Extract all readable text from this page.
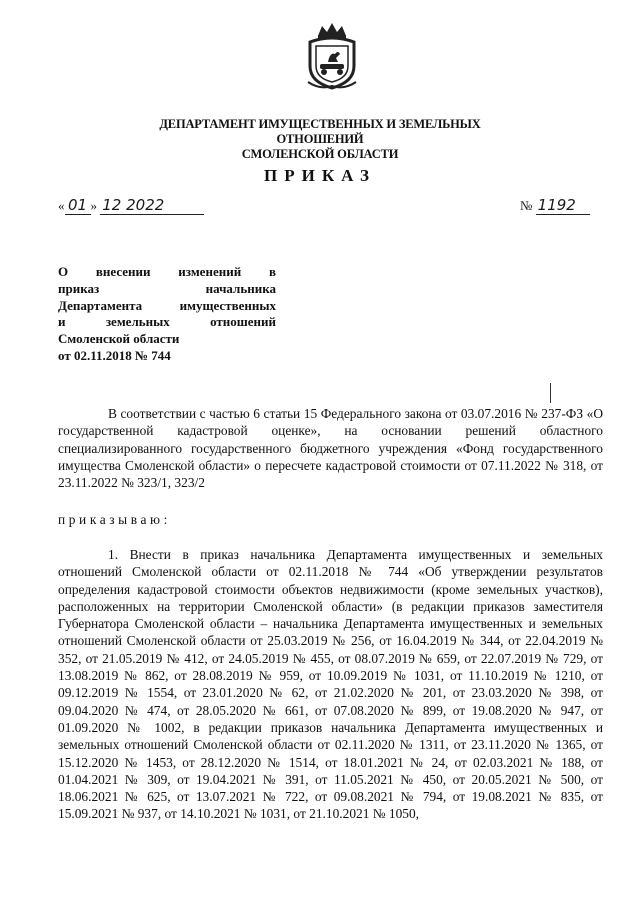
ДЕПАРТАМЕНТ ИМУЩЕСТВЕННЫХ И ЗЕМЕЛЬНЫХ ОТНОШЕНИЙ
СМОЛЕНСКОЙ ОБЛАСТИ
ПРИКАЗ
« 01 » 12 2022	№ 1192

О внесении изменений в
приказ начальника
Департамента имущественных
и земельных отношений
Смоленской области
от 02.11.2018 № 744

В соответствии с частью 6 статьи 15 Федерального закона от 03.07.2016 № 237-ФЗ «О государственной кадастровой оценке», на основании решений областного специализированного государственного бюджетного учреждения «Фонд государственного имущества Смоленской области» о пересчете кадастровой стоимости от 07.11.2022 № 318, от 23.11.2022 № 323/1, 323/2

приказываю:

1. Внести в приказ начальника Департамента имущественных и земельных отношений Смоленской области от 02.11.2018 № 744 «Об утверждении результатов определения кадастровой стоимости объектов недвижимости (кроме земельных участков), расположенных на территории Смоленской области» (в редакции приказов заместителя Губернатора Смоленской области – начальника Департамента имущественных и земельных отношений Смоленской области от 25.03.2019 № 256, от 16.04.2019 № 344, от 22.04.2019 № 352, от 21.05.2019 № 412, от 24.05.2019 № 455, от 08.07.2019 № 659, от 22.07.2019 № 729, от 13.08.2019 № 862, от 28.08.2019 № 959, от 10.09.2019 № 1031, от 11.10.2019 № 1210, от 09.12.2019 № 1554, от 23.01.2020 № 62, от 21.02.2020 № 201, от 23.03.2020 № 398, от 09.04.2020 № 474, от 28.05.2020 № 661, от 07.08.2020 № 899, от 19.08.2020 № 947, от 01.09.2020 № 1002, в редакции приказов начальника Департамента имущественных и земельных отношений Смоленской области от 02.11.2020 № 1311, от 23.11.2020 № 1365, от 15.12.2020 № 1453, от 28.12.2020 № 1514, от 18.01.2021 № 24, от 02.03.2021 № 188, от 01.04.2021 № 309, от 19.04.2021 № 391, от 11.05.2021 № 450, от 20.05.2021 № 500, от 18.06.2021 № 625, от 13.07.2021 № 722, от 09.08.2021 № 794, от 19.08.2021 № 835, от 15.09.2021 № 937, от 14.10.2021 № 1031, от 21.10.2021 № 1050,
